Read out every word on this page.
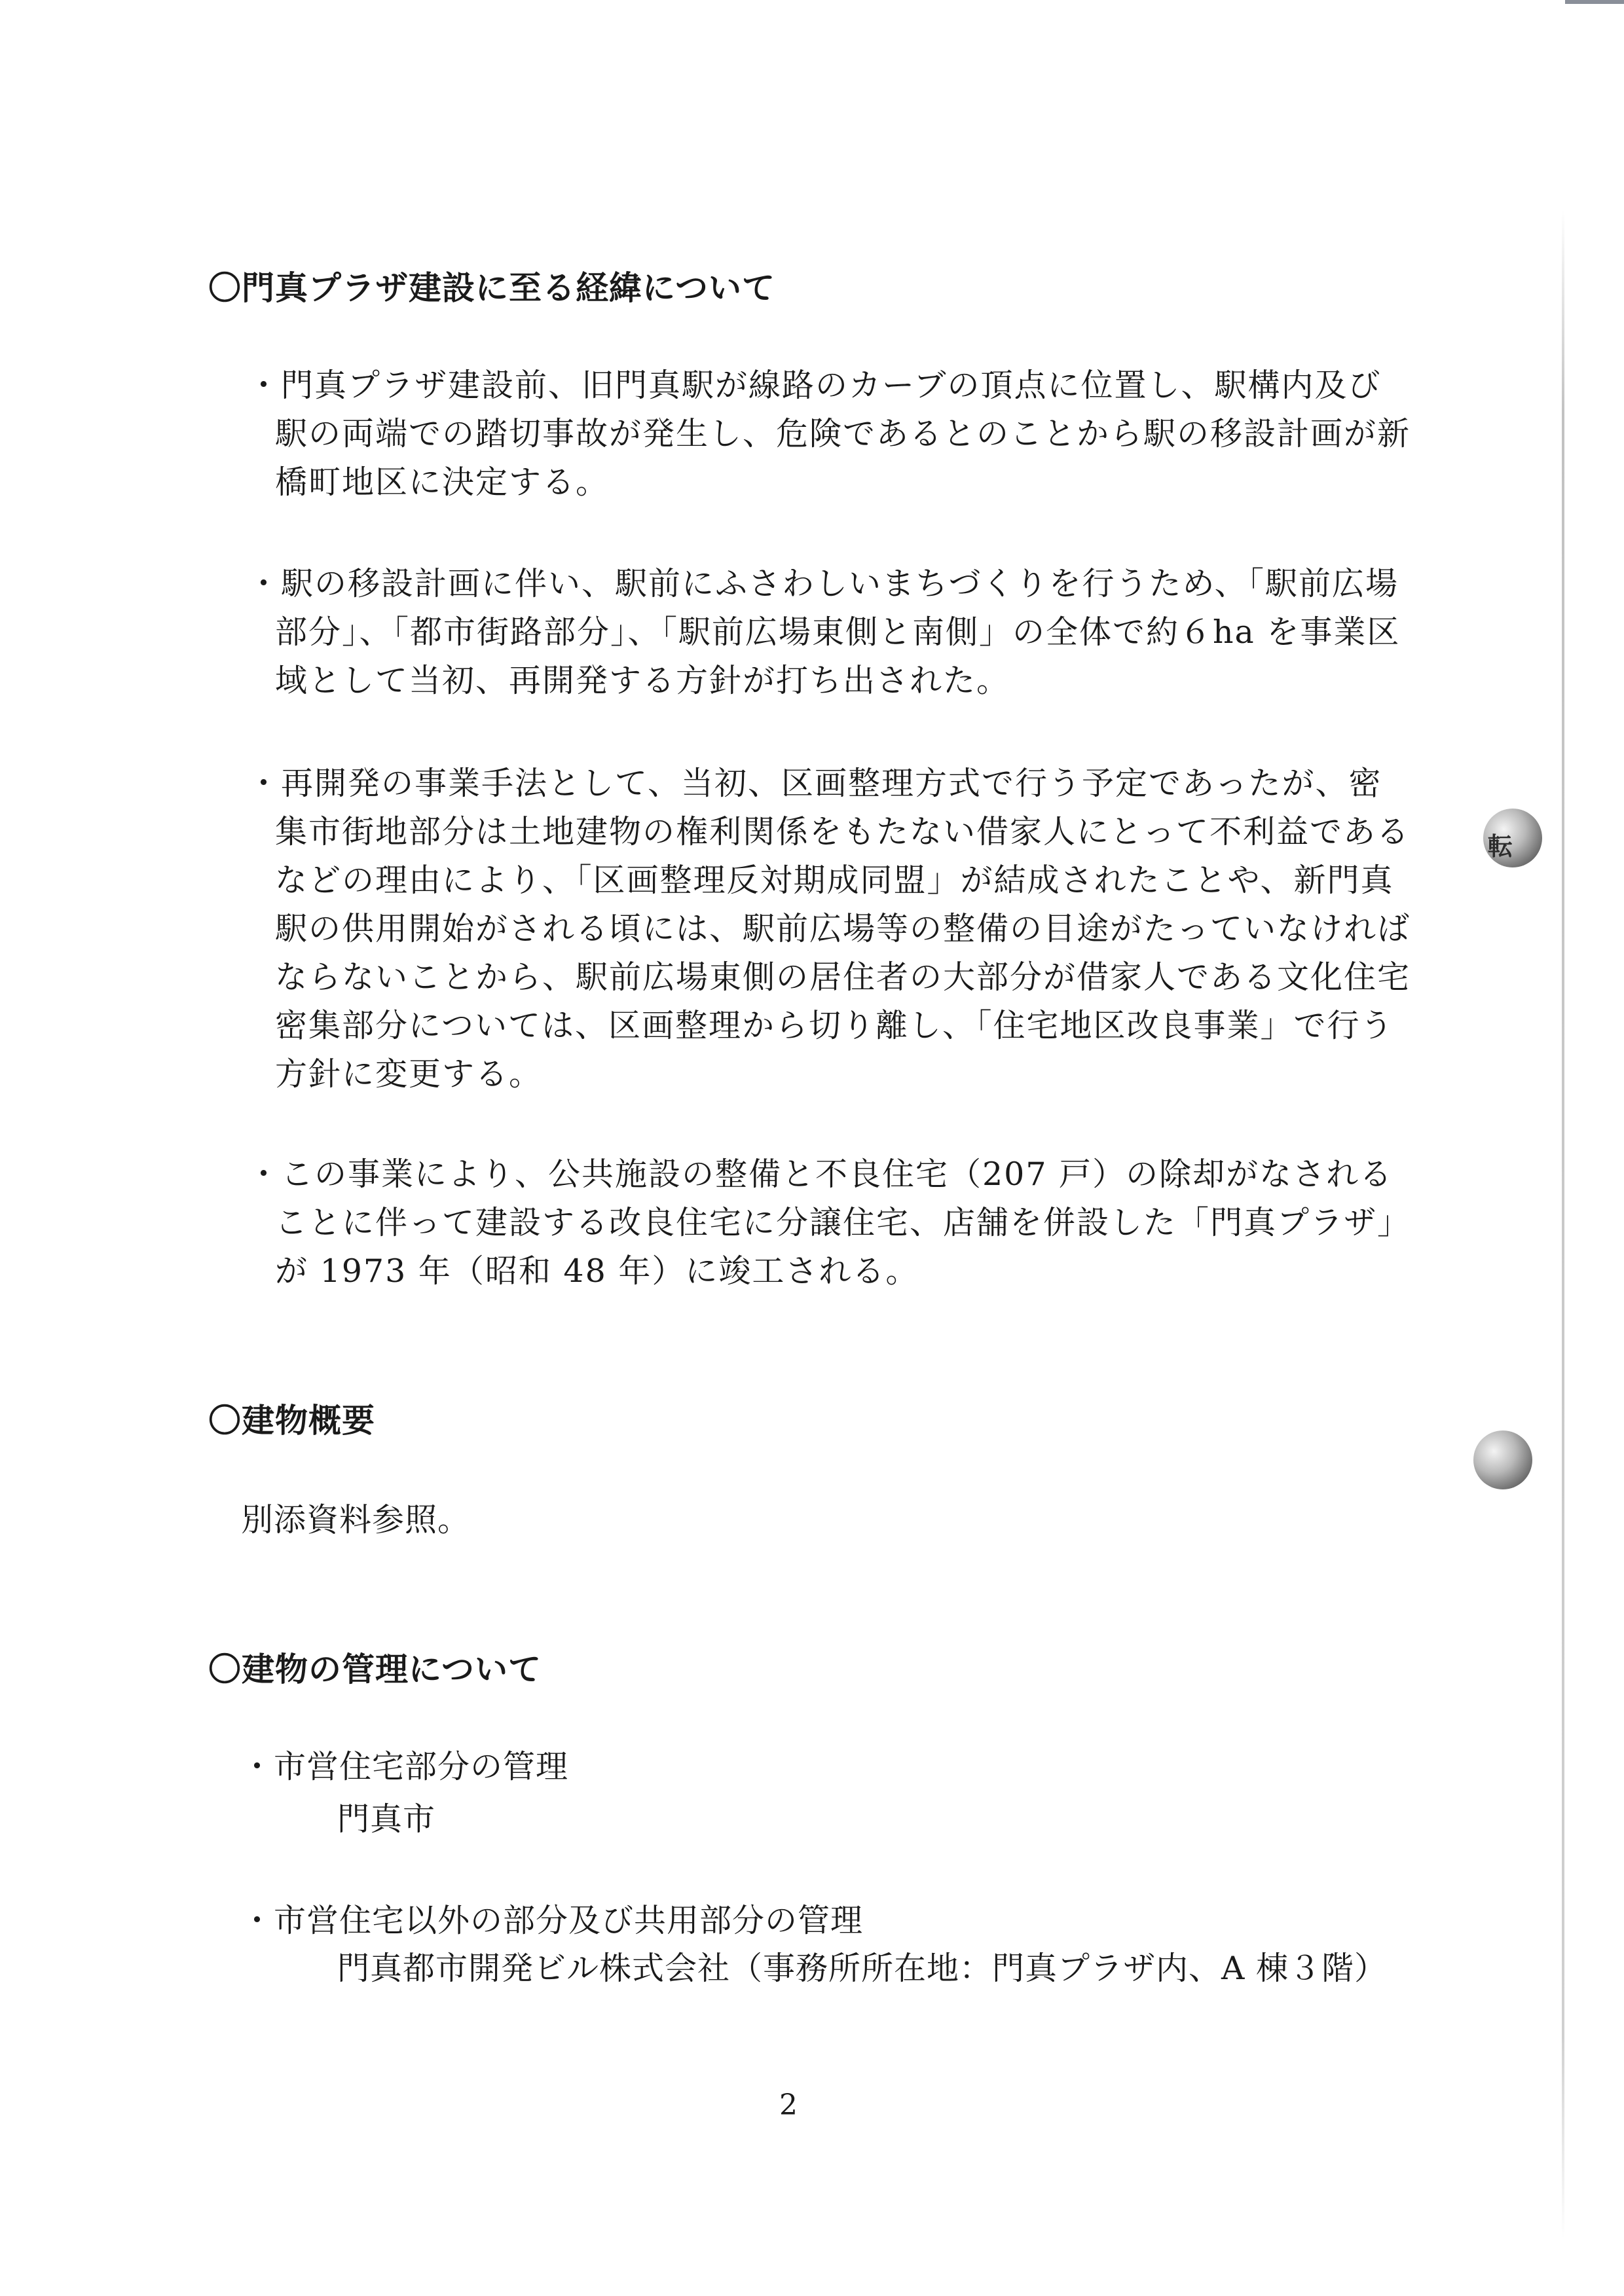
転
〇門真プラザ建設に至る経緯について
・門真プラザ建設前、旧門真駅が線路のカーブの頂点に位置し、駅構内及び駅の両端での踏切事故が発生し、危険であるとのことから駅の移設計画が新橋町地区に決定する。
・駅の移設計画に伴い、駅前にふさわしいまちづくりを行うため、「駅前広場部分」、「都市街路部分」、「駅前広場東側と南側」の全体で約６ha を事業区域として当初、再開発する方針が打ち出された。
・再開発の事業手法として、当初、区画整理方式で行う予定であったが、密集市街地部分は土地建物の権利関係をもたない借家人にとって不利益であるなどの理由により、「区画整理反対期成同盟」が結成されたことや、新門真駅の供用開始がされる頃には、駅前広場等の整備の目途がたっていなければならないことから、駅前広場東側の居住者の大部分が借家人である文化住宅密集部分については、区画整理から切り離し、「住宅地区改良事業」で行う方針に変更する。
・この事業により、公共施設の整備と不良住宅（207 戸）の除却がなされることに伴って建設する改良住宅に分譲住宅、店舗を併設した「門真プラザ」が 1973 年（昭和 48 年）に竣工される。
〇建物概要
別添資料参照。
〇建物の管理について
・市営住宅部分の管理
門真市
・市営住宅以外の部分及び共用部分の管理
門真都市開発ビル株式会社（事務所所在地：門真プラザ内、A 棟３階）
2
